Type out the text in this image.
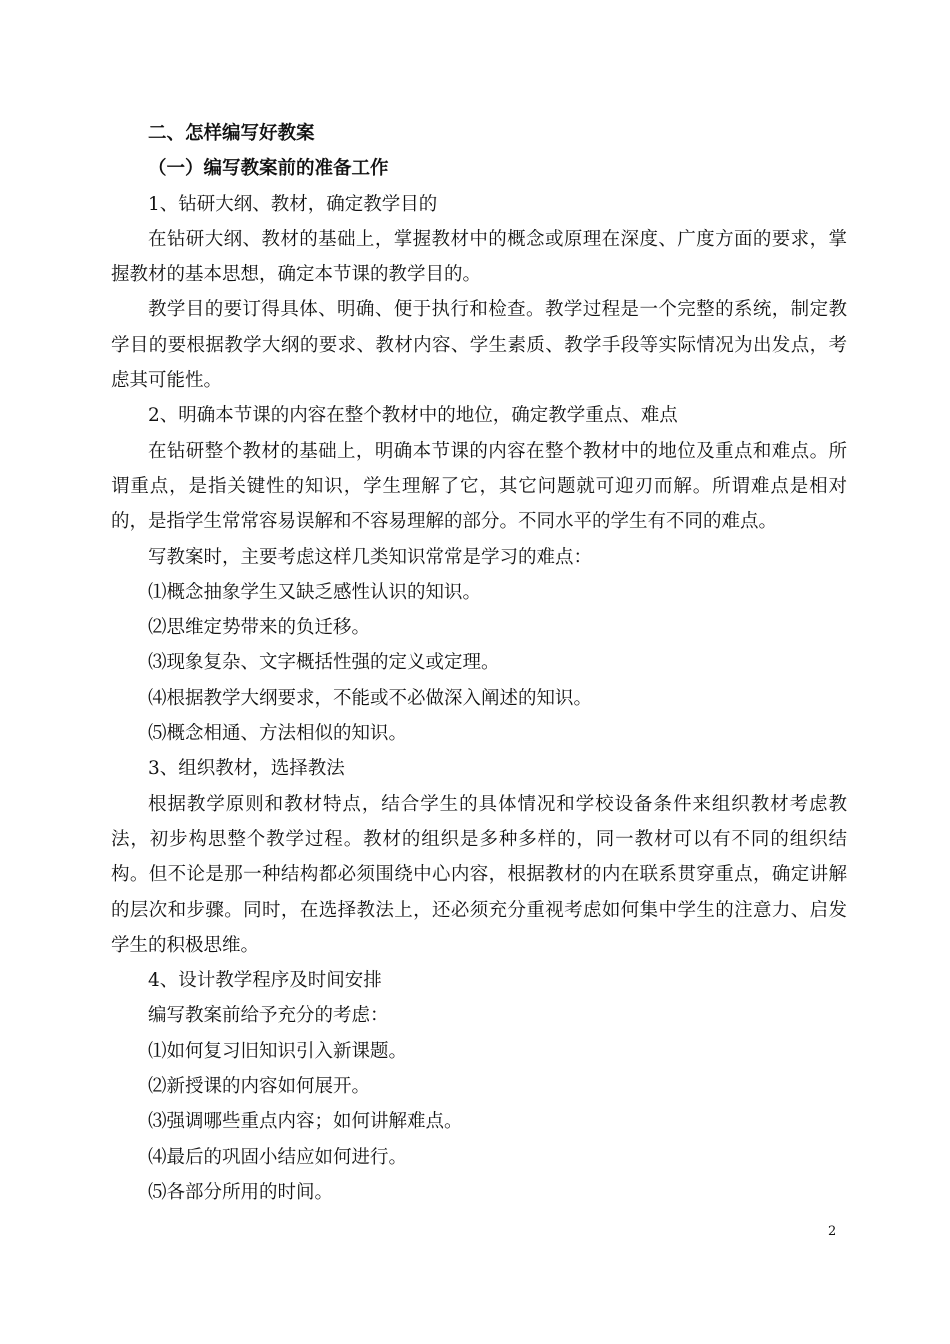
二、怎样编写好教案

（一）编写教案前的准备工作

1、钻研大纲、教材，确定教学目的

在钻研大纲、教材的基础上，掌握教材中的概念或原理在深度、广度方面的要求，掌握教材的基本思想，确定本节课的教学目的。

教学目的要订得具体、明确、便于执行和检查。教学过程是一个完整的系统，制定教学目的要根据教学大纲的要求、教材内容、学生素质、教学手段等实际情况为出发点，考虑其可能性。

2、明确本节课的内容在整个教材中的地位，确定教学重点、难点

在钻研整个教材的基础上，明确本节课的内容在整个教材中的地位及重点和难点。所谓重点，是指关键性的知识，学生理解了它，其它问题就可迎刃而解。所谓难点是相对的，是指学生常常容易误解和不容易理解的部分。不同水平的学生有不同的难点。

写教案时，主要考虑这样几类知识常常是学习的难点：

⑴概念抽象学生又缺乏感性认识的知识。

⑵思维定势带来的负迁移。

⑶现象复杂、文字概括性强的定义或定理。

⑷根据教学大纲要求，不能或不必做深入阐述的知识。

⑸概念相通、方法相似的知识。

3、组织教材，选择教法

根据教学原则和教材特点，结合学生的具体情况和学校设备条件来组织教材考虑教法，初步构思整个教学过程。教材的组织是多种多样的，同一教材可以有不同的组织结构。但不论是那一种结构都必须围绕中心内容，根据教材的内在联系贯穿重点，确定讲解的层次和步骤。同时，在选择教法上，还必须充分重视考虑如何集中学生的注意力、启发学生的积极思维。

4、设计教学程序及时间安排

编写教案前给予充分的考虑：

⑴如何复习旧知识引入新课题。

⑵新授课的内容如何展开。

⑶强调哪些重点内容；如何讲解难点。

⑷最后的巩固小结应如何进行。

⑸各部分所用的时间。

2
